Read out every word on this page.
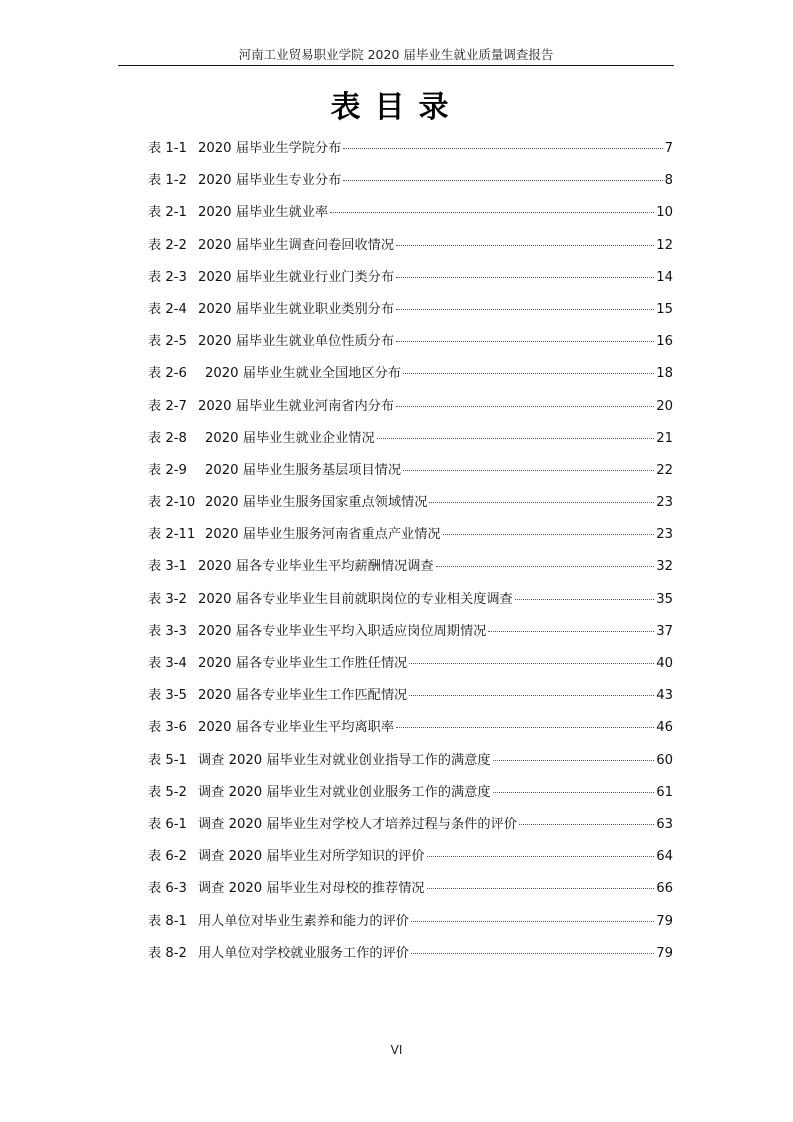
河南工业贸易职业学院 2020 届毕业生就业质量调查报告
表目录
表 1-1 2020 届毕业生学院分布	7
表 1-2 2020 届毕业生专业分布	8
表 2-1 2020 届毕业生就业率	10
表 2-2 2020 届毕业生调查问卷回收情况	12
表 2-3 2020 届毕业生就业行业门类分布	14
表 2-4 2020 届毕业生就业职业类别分布	15
表 2-5 2020 届毕业生就业单位性质分布	16
表 2-6	2020 届毕业生就业全国地区分布	18
表 2-7 2020 届毕业生就业河南省内分布	20
表 2-8	2020 届毕业生就业企业情况	21
表 2-9	2020 届毕业生服务基层项目情况	22
表 2-10 2020 届毕业生服务国家重点领域情况	23
表 2-11 2020 届毕业生服务河南省重点产业情况	23
表 3-1 2020 届各专业毕业生平均薪酬情况调查	32
表 3-2 2020 届各专业毕业生目前就职岗位的专业相关度调查	35
表 3-3 2020 届各专业毕业生平均入职适应岗位周期情况	37
表 3-4 2020 届各专业毕业生工作胜任情况	40
表 3-5 2020 届各专业毕业生工作匹配情况	43
表 3-6 2020 届各专业毕业生平均离职率	46
表 5-1 调查 2020 届毕业生对就业创业指导工作的满意度	60
表 5-2 调查 2020 届毕业生对就业创业服务工作的满意度	61
表 6-1 调查 2020 届毕业生对学校人才培养过程与条件的评价	63
表 6-2 调查 2020 届毕业生对所学知识的评价	64
表 6-3 调查 2020 届毕业生对母校的推荐情况	66
表 8-1 用人单位对毕业生素养和能力的评价	79
表 8-2 用人单位对学校就业服务工作的评价	79
VI
